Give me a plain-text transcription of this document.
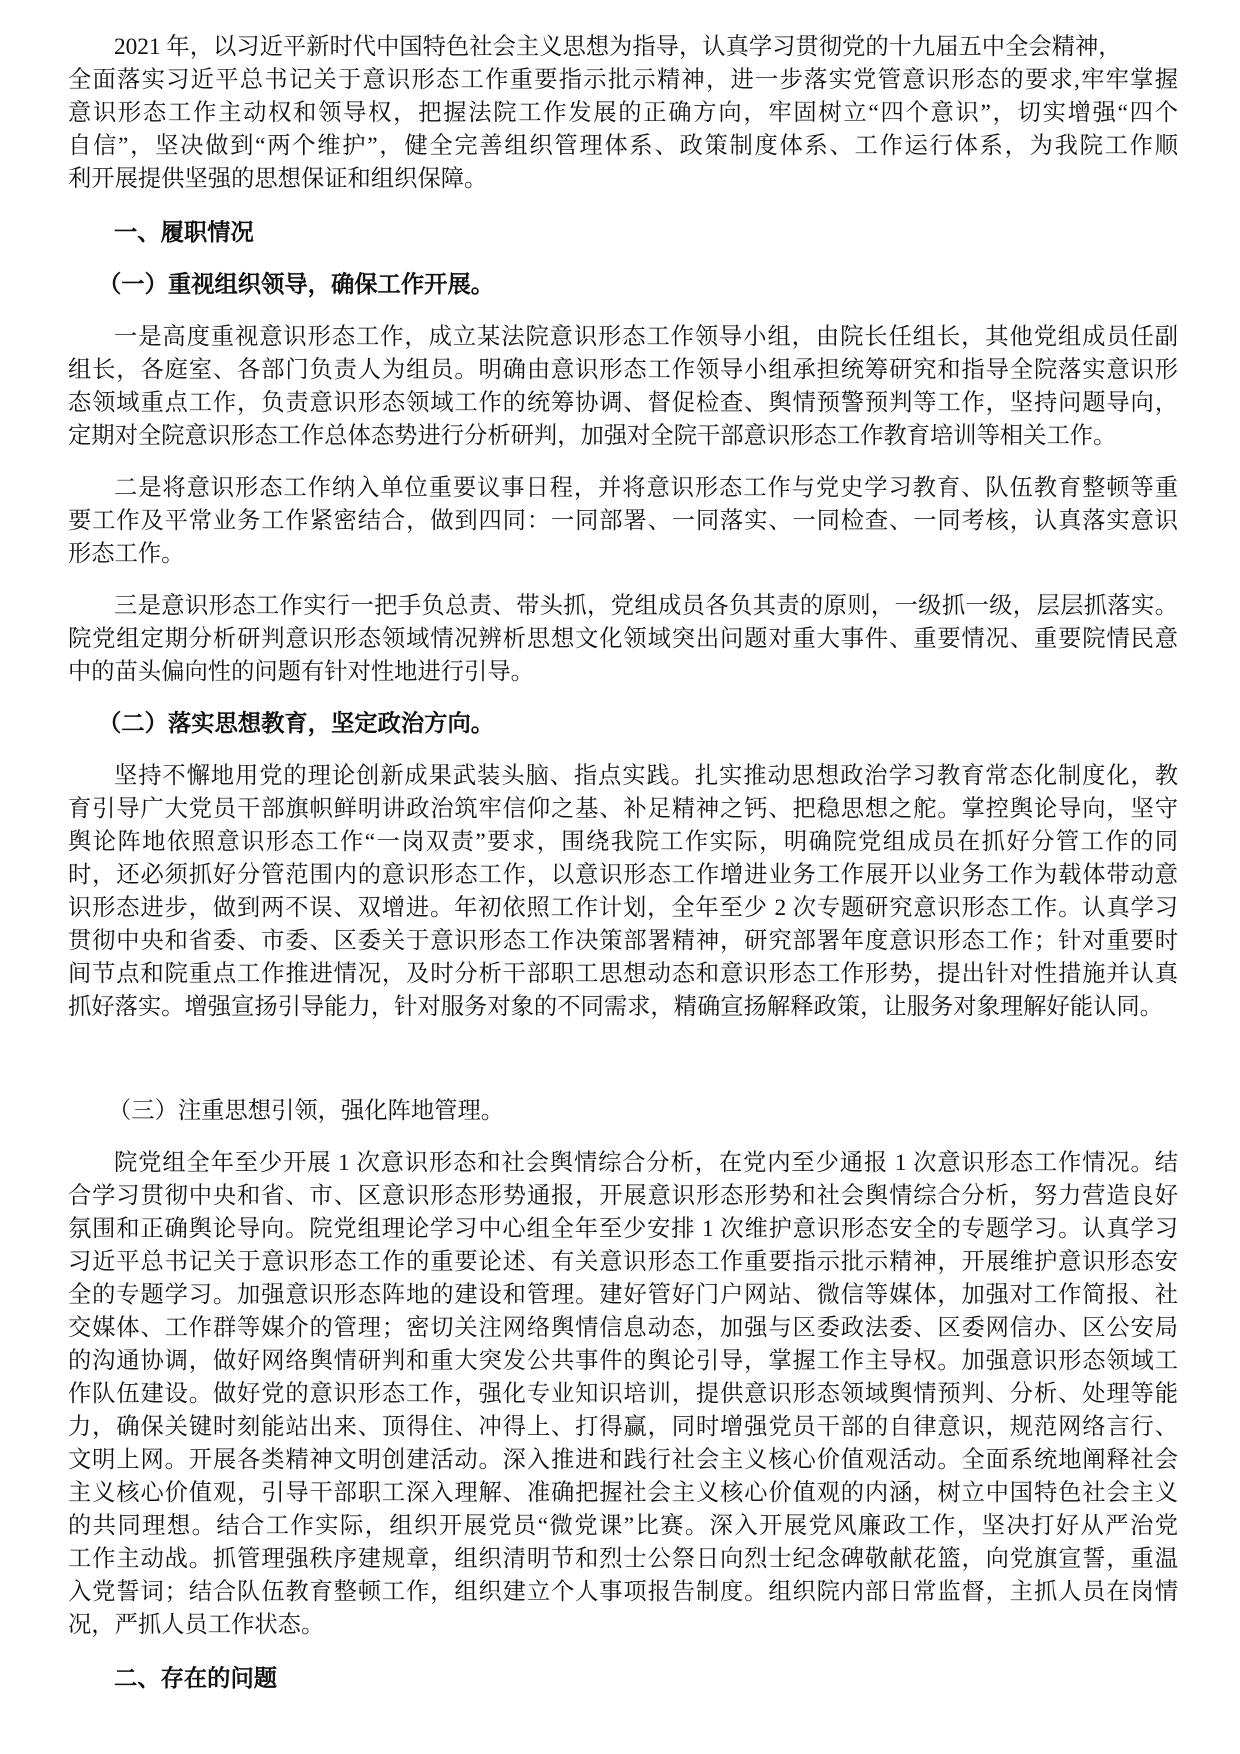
2021 年，以习近平新时代中国特色社会主义思想为指导，认真学习贯彻党的十九届五中全会精神，
全面落实习近平总书记关于意识形态工作重要指示批示精神，进一步落实党管意识形态的要求,牢牢掌握
意识形态工作主动权和领导权，把握法院工作发展的正确方向，牢固树立“四个意识”，切实增强“四个
自信”，坚决做到“两个维护”，健全完善组织管理体系、政策制度体系、工作运行体系，为我院工作顺
利开展提供坚强的思想保证和组织保障。
一、履职情况
（一）重视组织领导，确保工作开展。
一是高度重视意识形态工作，成立某法院意识形态工作领导小组，由院长任组长，其他党组成员任副
组长，各庭室、各部门负责人为组员。明确由意识形态工作领导小组承担统筹研究和指导全院落实意识形
态领域重点工作，负责意识形态领域工作的统筹协调、督促检查、舆情预警预判等工作，坚持问题导向，
定期对全院意识形态工作总体态势进行分析研判，加强对全院干部意识形态工作教育培训等相关工作。
二是将意识形态工作纳入单位重要议事日程，并将意识形态工作与党史学习教育、队伍教育整顿等重
要工作及平常业务工作紧密结合，做到四同：一同部署、一同落实、一同检查、一同考核，认真落实意识
形态工作。
三是意识形态工作实行一把手负总责、带头抓，党组成员各负其责的原则，一级抓一级，层层抓落实。
院党组定期分析研判意识形态领域情况辨析思想文化领域突出问题对重大事件、重要情况、重要院情民意
中的苗头偏向性的问题有针对性地进行引导。
（二）落实思想教育，坚定政治方向。
坚持不懈地用党的理论创新成果武装头脑、指点实践。扎实推动思想政治学习教育常态化制度化，教
育引导广大党员干部旗帜鲜明讲政治筑牢信仰之基、补足精神之钙、把稳思想之舵。掌控舆论导向，坚守
舆论阵地依照意识形态工作“一岗双责”要求，围绕我院工作实际，明确院党组成员在抓好分管工作的同
时，还必须抓好分管范围内的意识形态工作，以意识形态工作增进业务工作展开以业务工作为载体带动意
识形态进步，做到两不误、双增进。年初依照工作计划，全年至少 2 次专题研究意识形态工作。认真学习
贯彻中央和省委、市委、区委关于意识形态工作决策部署精神，研究部署年度意识形态工作；针对重要时
间节点和院重点工作推进情况，及时分析干部职工思想动态和意识形态工作形势，提出针对性措施并认真
抓好落实。增强宣扬引导能力，针对服务对象的不同需求，精确宣扬解释政策，让服务对象理解好能认同。
（三）注重思想引领，强化阵地管理。
院党组全年至少开展 1 次意识形态和社会舆情综合分析，在党内至少通报 1 次意识形态工作情况。结
合学习贯彻中央和省、市、区意识形态形势通报，开展意识形态形势和社会舆情综合分析，努力营造良好
氛围和正确舆论导向。院党组理论学习中心组全年至少安排 1 次维护意识形态安全的专题学习。认真学习
习近平总书记关于意识形态工作的重要论述、有关意识形态工作重要指示批示精神，开展维护意识形态安
全的专题学习。加强意识形态阵地的建设和管理。建好管好门户网站、微信等媒体，加强对工作简报、社
交媒体、工作群等媒介的管理；密切关注网络舆情信息动态，加强与区委政法委、区委网信办、区公安局
的沟通协调，做好网络舆情研判和重大突发公共事件的舆论引导，掌握工作主导权。加强意识形态领域工
作队伍建设。做好党的意识形态工作，强化专业知识培训，提供意识形态领域舆情预判、分析、处理等能
力，确保关键时刻能站出来、顶得住、冲得上、打得赢，同时增强党员干部的自律意识，规范网络言行、
文明上网。开展各类精神文明创建活动。深入推进和践行社会主义核心价值观活动。全面系统地阐释社会
主义核心价值观，引导干部职工深入理解、准确把握社会主义核心价值观的内涵，树立中国特色社会主义
的共同理想。结合工作实际，组织开展党员“微党课”比赛。深入开展党风廉政工作，坚决打好从严治党
工作主动战。抓管理强秩序建规章，组织清明节和烈士公祭日向烈士纪念碑敬献花篮，向党旗宣誓，重温
入党誓词；结合队伍教育整顿工作，组织建立个人事项报告制度。组织院内部日常监督，主抓人员在岗情
况，严抓人员工作状态。
二、存在的问题
